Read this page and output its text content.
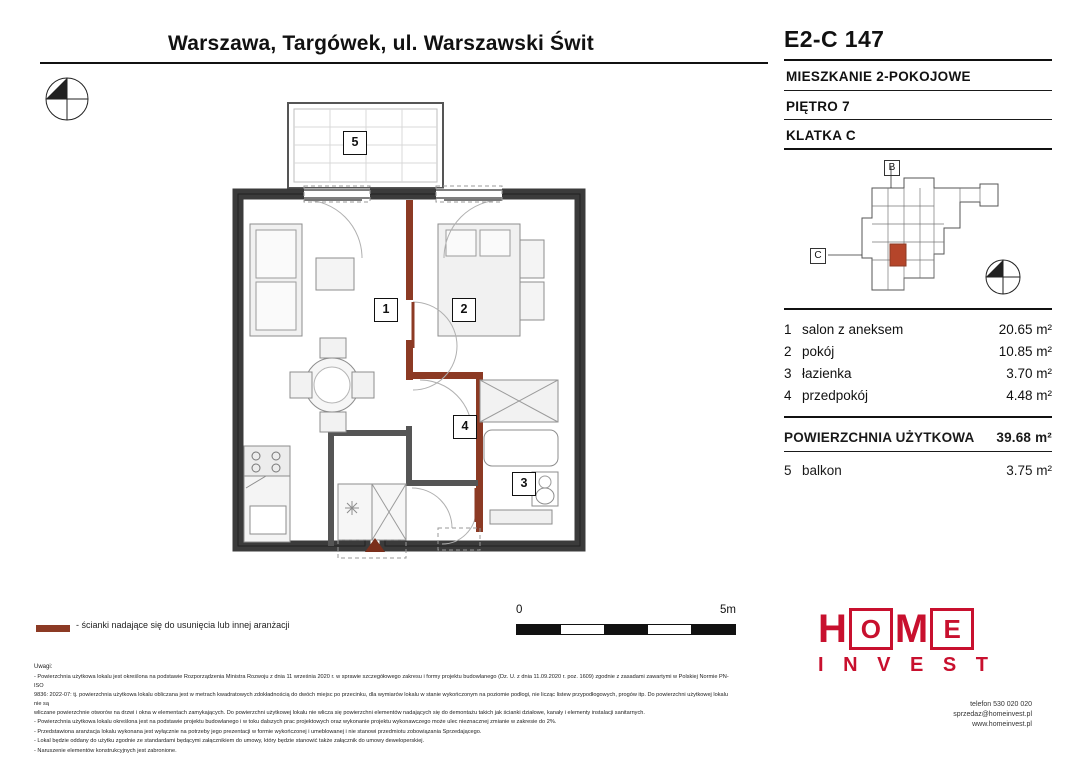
Warszawa, Targówek, ul. Warszawski Świt
1	2
3
4
5
E2-C 147
MIESZKANIE 2-POKOJOWE
PIĘTRO 7
KLATKA C
B
C
1	salon z aneksem	20.65 m²
2	pokój	10.85 m²
3	łazienka	3.70 m²
4	przedpokój	4.48 m²
POWIERZCHNIA UŻYTKOWA 39.68 m²
5 balkon	3.75 m²
- ścianki nadające się do usunięcia lub innej aranżacji
0	5m
Uwagi:

- Powierzchnia użytkowa lokalu jest określona na podstawie Rozporządzenia Ministra Rozwoju z dnia 11 września 2020 r. w sprawie szczegółowego zakresu i formy projektu budowlanego (Dz. U. z dnia 11.09.2020 r. poz. 1609) zgodnie z zasadami zawartymi w Polskiej Normie PN-ISO

9836: 2022-07: tj. powierzchnia użytkowa lokalu obliczana jest w metrach kwadratowych zdokładnością do dwóch miejsc po przecinku, dla wymiarów lokalu w stanie wykończonym na poziomie podłogi, nie licząc listew przypodłogowych, progów itp. Do powierzchni użytkowej lokalu nie są

wliczane powierzchnie otworów na drzwi i okna w elementach zamykających. Do powierzchni użytkowej lokalu nie wlicza się powierzchni elementów nadających się do demontażu takich jak ścianki działowe, kanały i elementy instalacji sanitarnych.

- Powierzchnia użytkowa lokalu określona jest na podstawie projektu budowlanego i w toku dalszych prac projektowych oraz wykonanie projektu wykonawczego może ulec nieznacznej zmianie w zakresie do 2%.

- Przedstawiona aranżacja lokalu wykonana jest wyłącznie na potrzeby jego prezentacji w formie wykończonej i umeblowanej i nie stanowi przedmiotu zobowiązania Sprzedającego.

- Lokal będzie oddany do użytku zgodnie ze standardami będącymi załącznikiem do umowy, który będzie stanowić także załącznik do umowy deweloperskiej.

- Naruszenie elementów konstrukcyjnych jest zabronione.

H O M E
I N V E S T
telefon 530 020 020
sprzedaz@homeinvest.pl
www.homeinvest.pl
